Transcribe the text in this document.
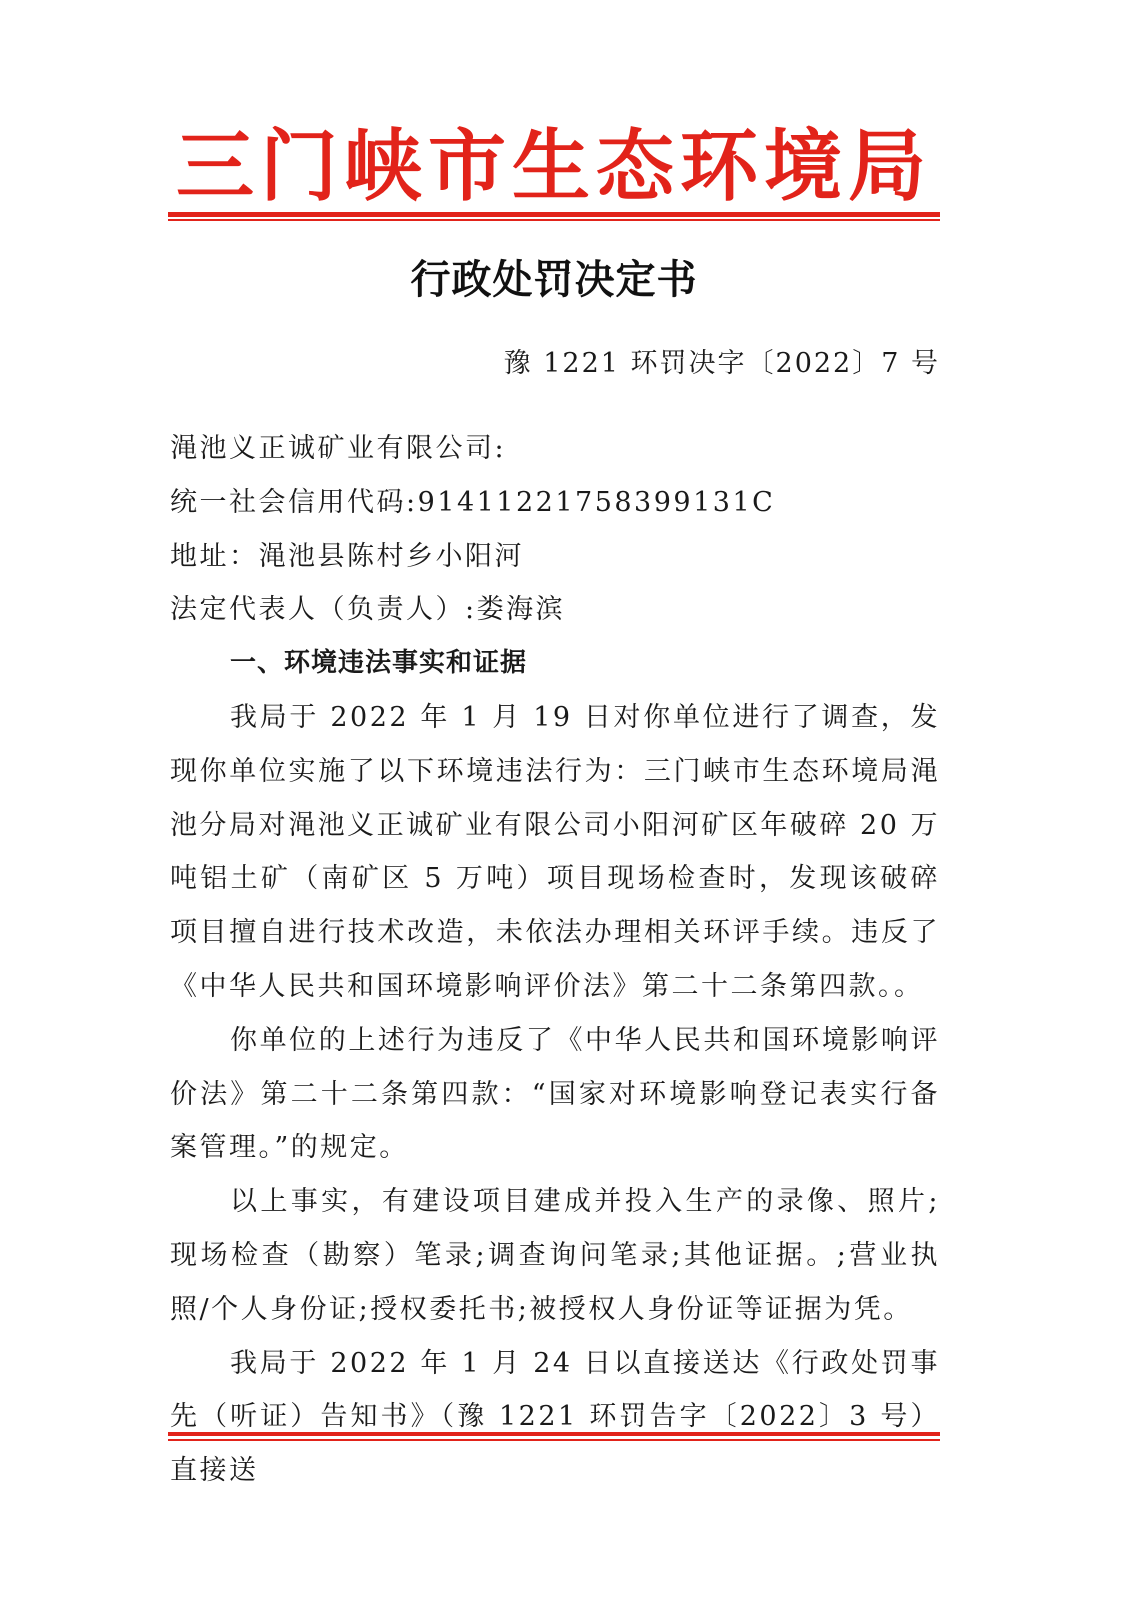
三门峡市生态环境局
行政处罚决定书
豫 1221 环罚决字〔2022〕7 号

渑池义正诚矿业有限公司:

统一社会信用代码:91411221758399131C

地址：渑池县陈村乡小阳河

法定代表人（负责人）:娄海滨

一、环境违法事实和证据

我局于 2022 年 1 月 19 日对你单位进行了调查，发现你单位实施了以下环境违法行为：三门峡市生态环境局渑池分局对渑池义正诚矿业有限公司小阳河矿区年破碎 20 万吨铝土矿（南矿区 5 万吨）项目现场检查时，发现该破碎项目擅自进行技术改造，未依法办理相关环评手续。违反了《中华人民共和国环境影响评价法》第二十二条第四款。。

你单位的上述行为违反了《中华人民共和国环境影响评价法》第二十二条第四款：“国家对环境影响登记表实行备案管理。”的规定。

以上事实，有建设项目建成并投入生产的录像、照片;现场检查（勘察）笔录;调查询问笔录;其他证据。;营业执照/个人身份证;授权委托书;被授权人身份证等证据为凭。

我局于 2022 年 1 月 24 日以直接送达《行政处罚事先（听证）告知书》（豫 1221 环罚告字〔2022〕3 号）直接送
